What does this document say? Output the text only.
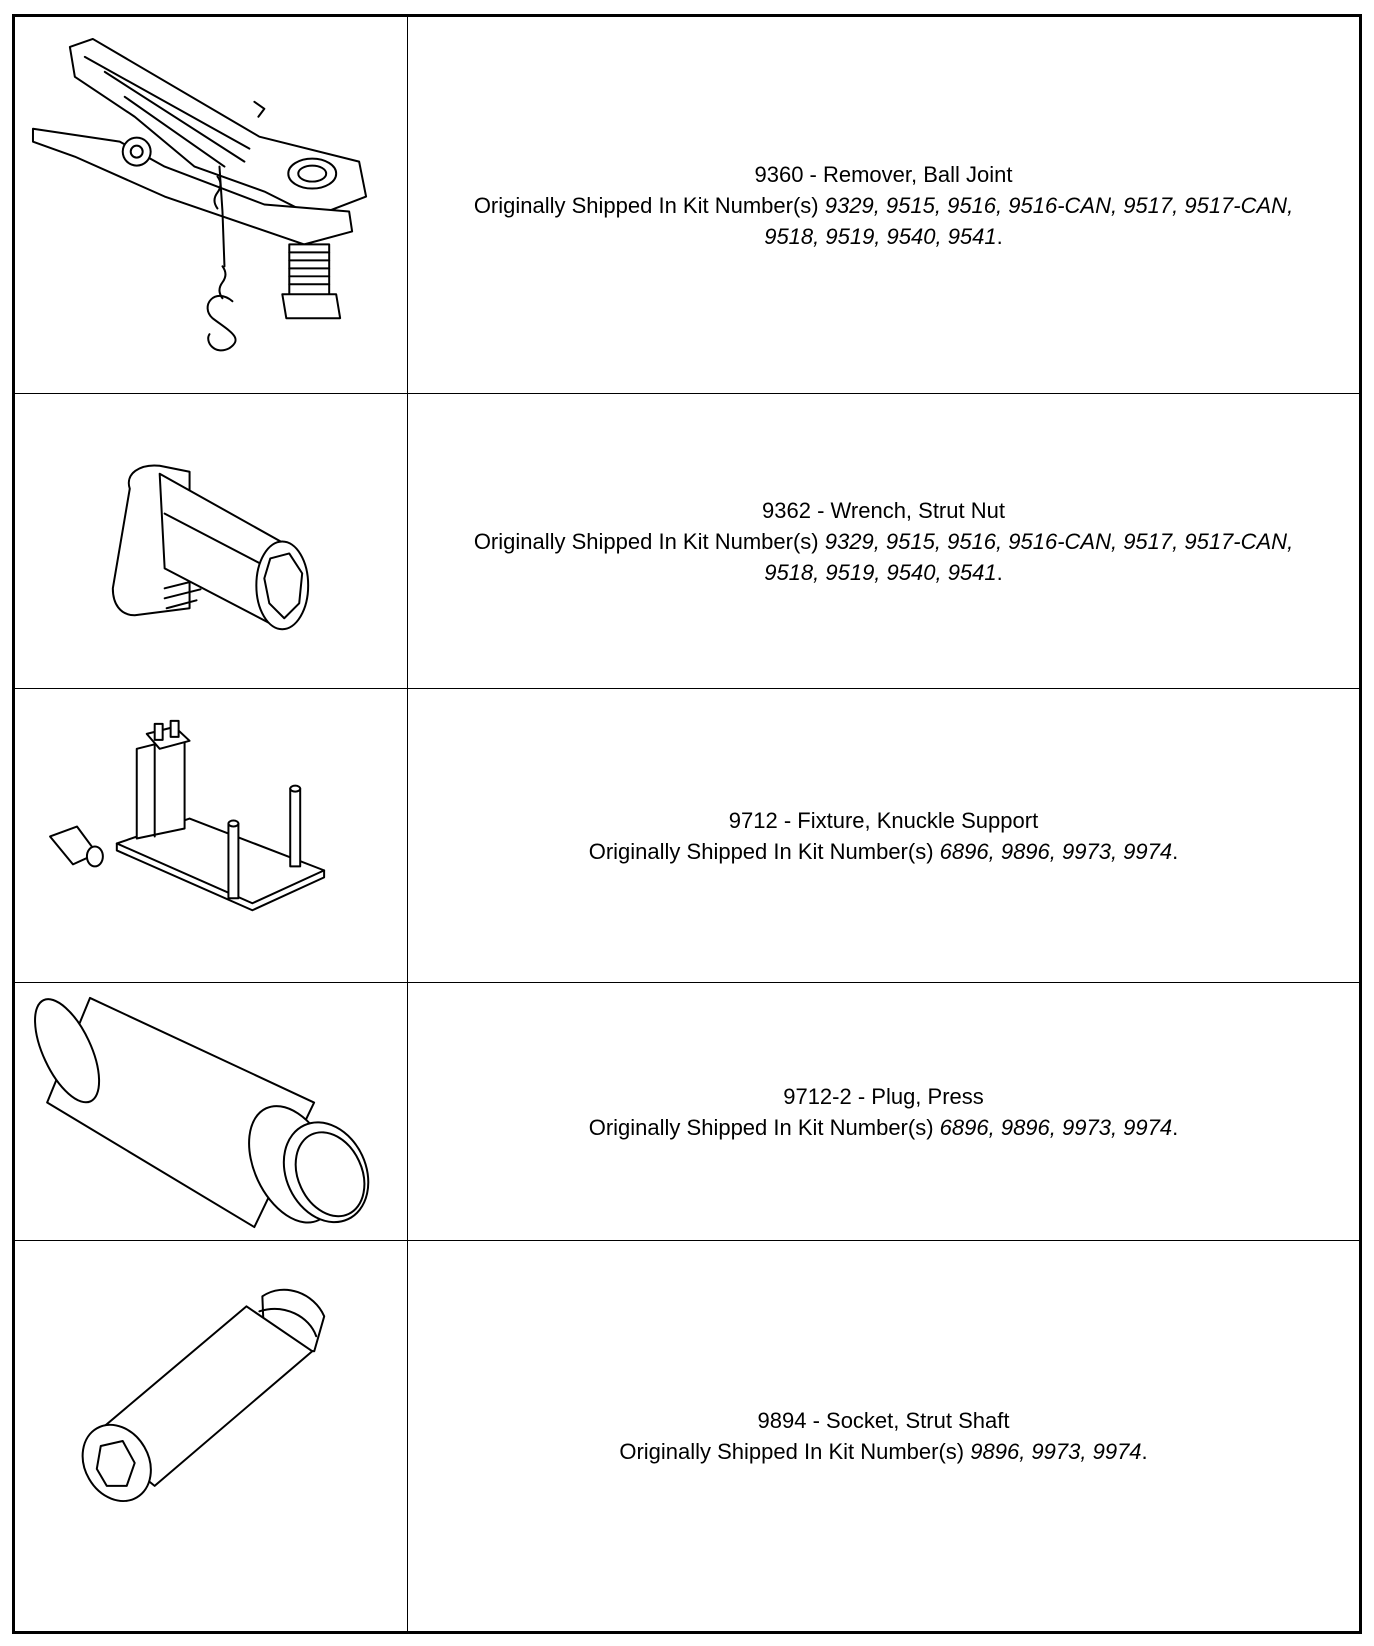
9360 - Remover, Ball Joint
Originally Shipped In Kit Number(s) 9329, 9515, 9516, 9516-CAN, 9517, 9517-CAN,
9518, 9519, 9540, 9541.
9362 - Wrench, Strut Nut
Originally Shipped In Kit Number(s) 9329, 9515, 9516, 9516-CAN, 9517, 9517-CAN,
9518, 9519, 9540, 9541.
9712 - Fixture, Knuckle Support
Originally Shipped In Kit Number(s) 6896, 9896, 9973, 9974.
9712-2 - Plug, Press
Originally Shipped In Kit Number(s) 6896, 9896, 9973, 9974.
9894 - Socket, Strut Shaft
Originally Shipped In Kit Number(s) 9896, 9973, 9974.
